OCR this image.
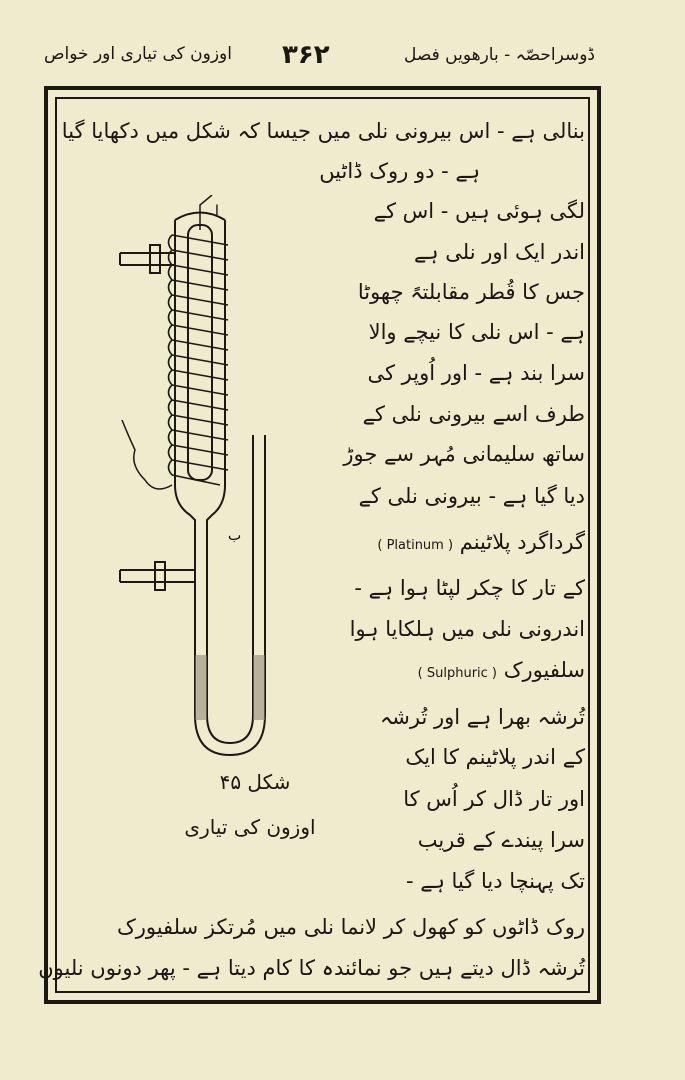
ڈوسراحصّہ - بارھویں فصل
۳۶۲
اوزون کی تیاری اور خواص
بنالی ہے - اس بیرونی نلی میں جیسا کہ شکل میں دکھایا گیا
ہے - دو روک ڈاٹیں
لگی ہوئی ہیں - اس کے
اندر ایک اور نلی ہے
جس کا قُطر مقابلتہً چھوٹا
ہے - اس نلی کا نیچے والا
سرا بند ہے - اور اُوپر کی
طرف اسے بیرونی نلی کے
ساتھ سلیمانی مُہر سے جوڑ
دیا گیا ہے - بیرونی نلی کے
گرداگرد پلاٹینم ( Platinum )
کے تار کا چکر لپٹا ہوا ہے -
اندرونی نلی میں ہلکایا ہوا
سلفیورک ( Sulphuric )
تُرشہ بھرا ہے اور تُرشہ
کے اندر پلاٹینم کا ایک
اور تار ڈال کر اُس کا
سرا پیندے کے قریب
تک پہنچا دیا گیا ہے -
روک ڈاٹوں کو کھول کر لانما نلی میں مُرتکز سلفیورک
تُرشہ ڈال دیتے ہیں جو نمائندہ کا کام دیتا ہے - پھر دونوں نلیوں
ا
ب
شکل ۴۵
اوزون کی تیاری
